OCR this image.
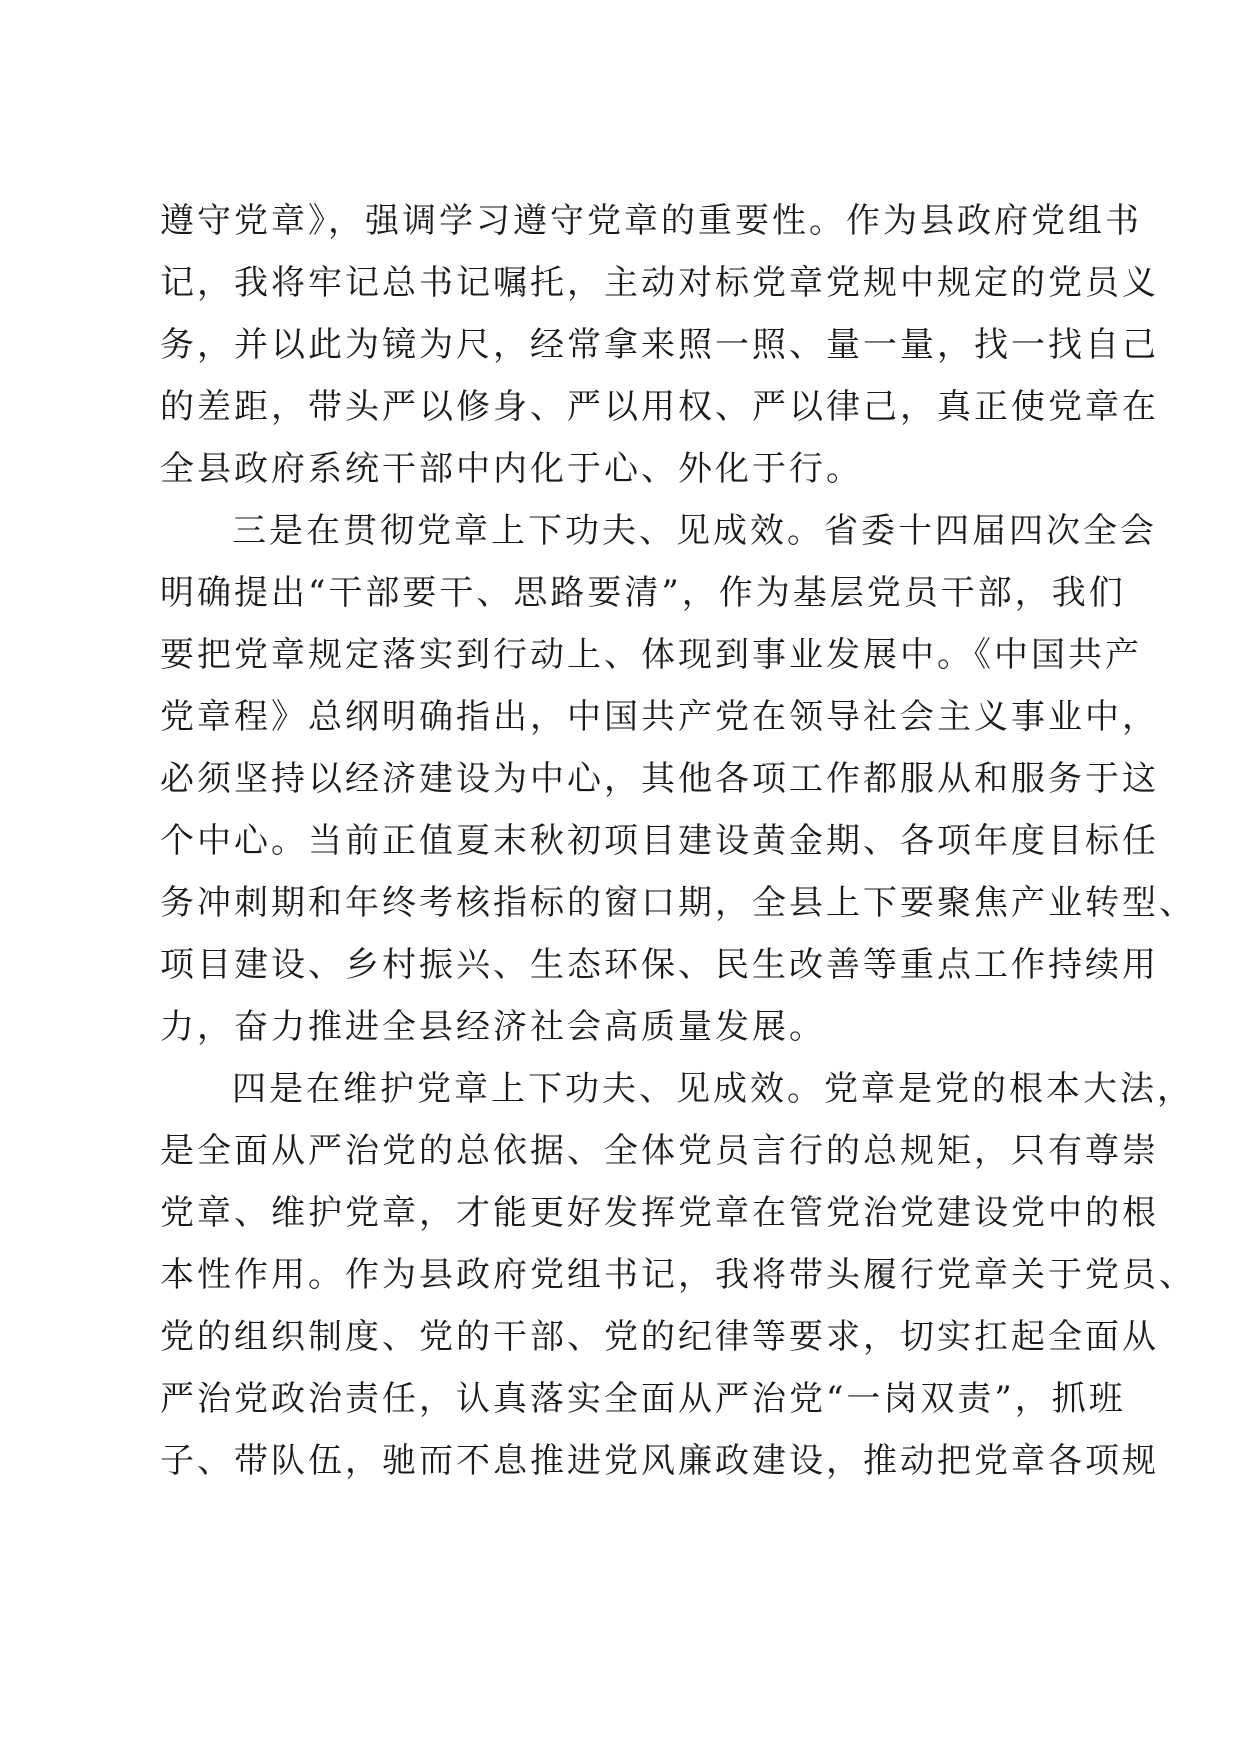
遵守党章》，强调学习遵守党章的重要性。作为县政府党组书
记，我将牢记总书记嘱托，主动对标党章党规中规定的党员义
务，并以此为镜为尺，经常拿来照一照、量一量，找一找自己
的差距，带头严以修身、严以用权、严以律己，真正使党章在
全县政府系统干部中内化于心、外化于行。
三是在贯彻党章上下功夫、见成效。省委十四届四次全会
明确提出“干部要干、思路要清”，作为基层党员干部，我们
要把党章规定落实到行动上、体现到事业发展中。《中国共产
党章程》总纲明确指出，中国共产党在领导社会主义事业中，
必须坚持以经济建设为中心，其他各项工作都服从和服务于这
个中心。当前正值夏末秋初项目建设黄金期、各项年度目标任
务冲刺期和年终考核指标的窗口期，全县上下要聚焦产业转型、
项目建设、乡村振兴、生态环保、民生改善等重点工作持续用
力，奋力推进全县经济社会高质量发展。
四是在维护党章上下功夫、见成效。党章是党的根本大法，
是全面从严治党的总依据、全体党员言行的总规矩，只有尊崇
党章、维护党章，才能更好发挥党章在管党治党建设党中的根
本性作用。作为县政府党组书记，我将带头履行党章关于党员、
党的组织制度、党的干部、党的纪律等要求，切实扛起全面从
严治党政治责任，认真落实全面从严治党“一岗双责”，抓班
子、带队伍，驰而不息推进党风廉政建设，推动把党章各项规
